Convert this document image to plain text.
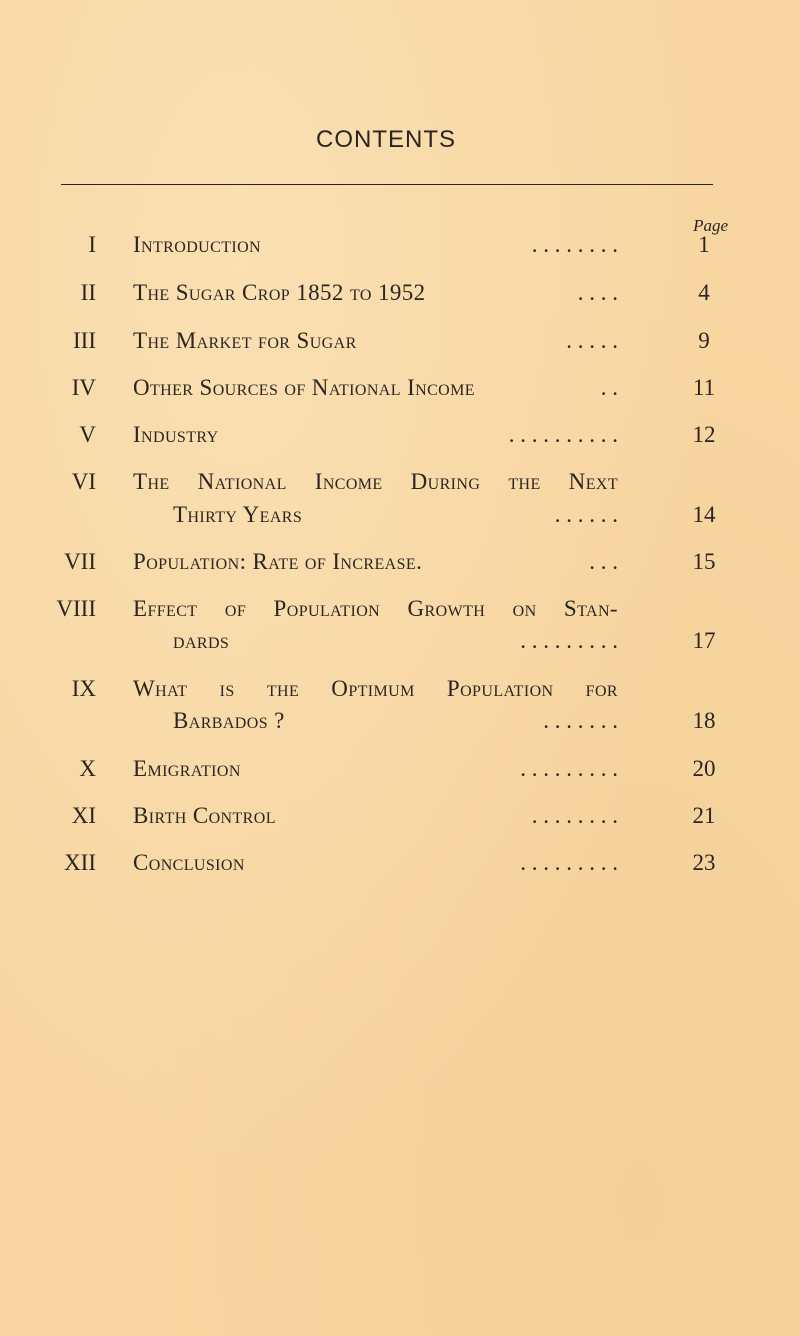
CONTENTS
Page
I Introduction	. . . . . . . .	1
II The Sugar Crop 1852 to 1952	. . . .	4
III The Market for Sugar	. . . . .	9
IV Other Sources of National Income	. .	11
V Industry	. . . . . . . . . .	12
VI The National Income During the Next
Thirty Years	. . . . . .	14
VII Population: Rate of Increase.	. . .	15
VIII Effect of Population Growth on Stan-
dards	. . . . . . . . .	17
IX What is the Optimum Population for
Barbados ?	. . . . . . .	18
X Emigration	. . . . . . . . .	20
XI Birth Control	. . . . . . . .	21
XII Conclusion	. . . . . . . . .	23
